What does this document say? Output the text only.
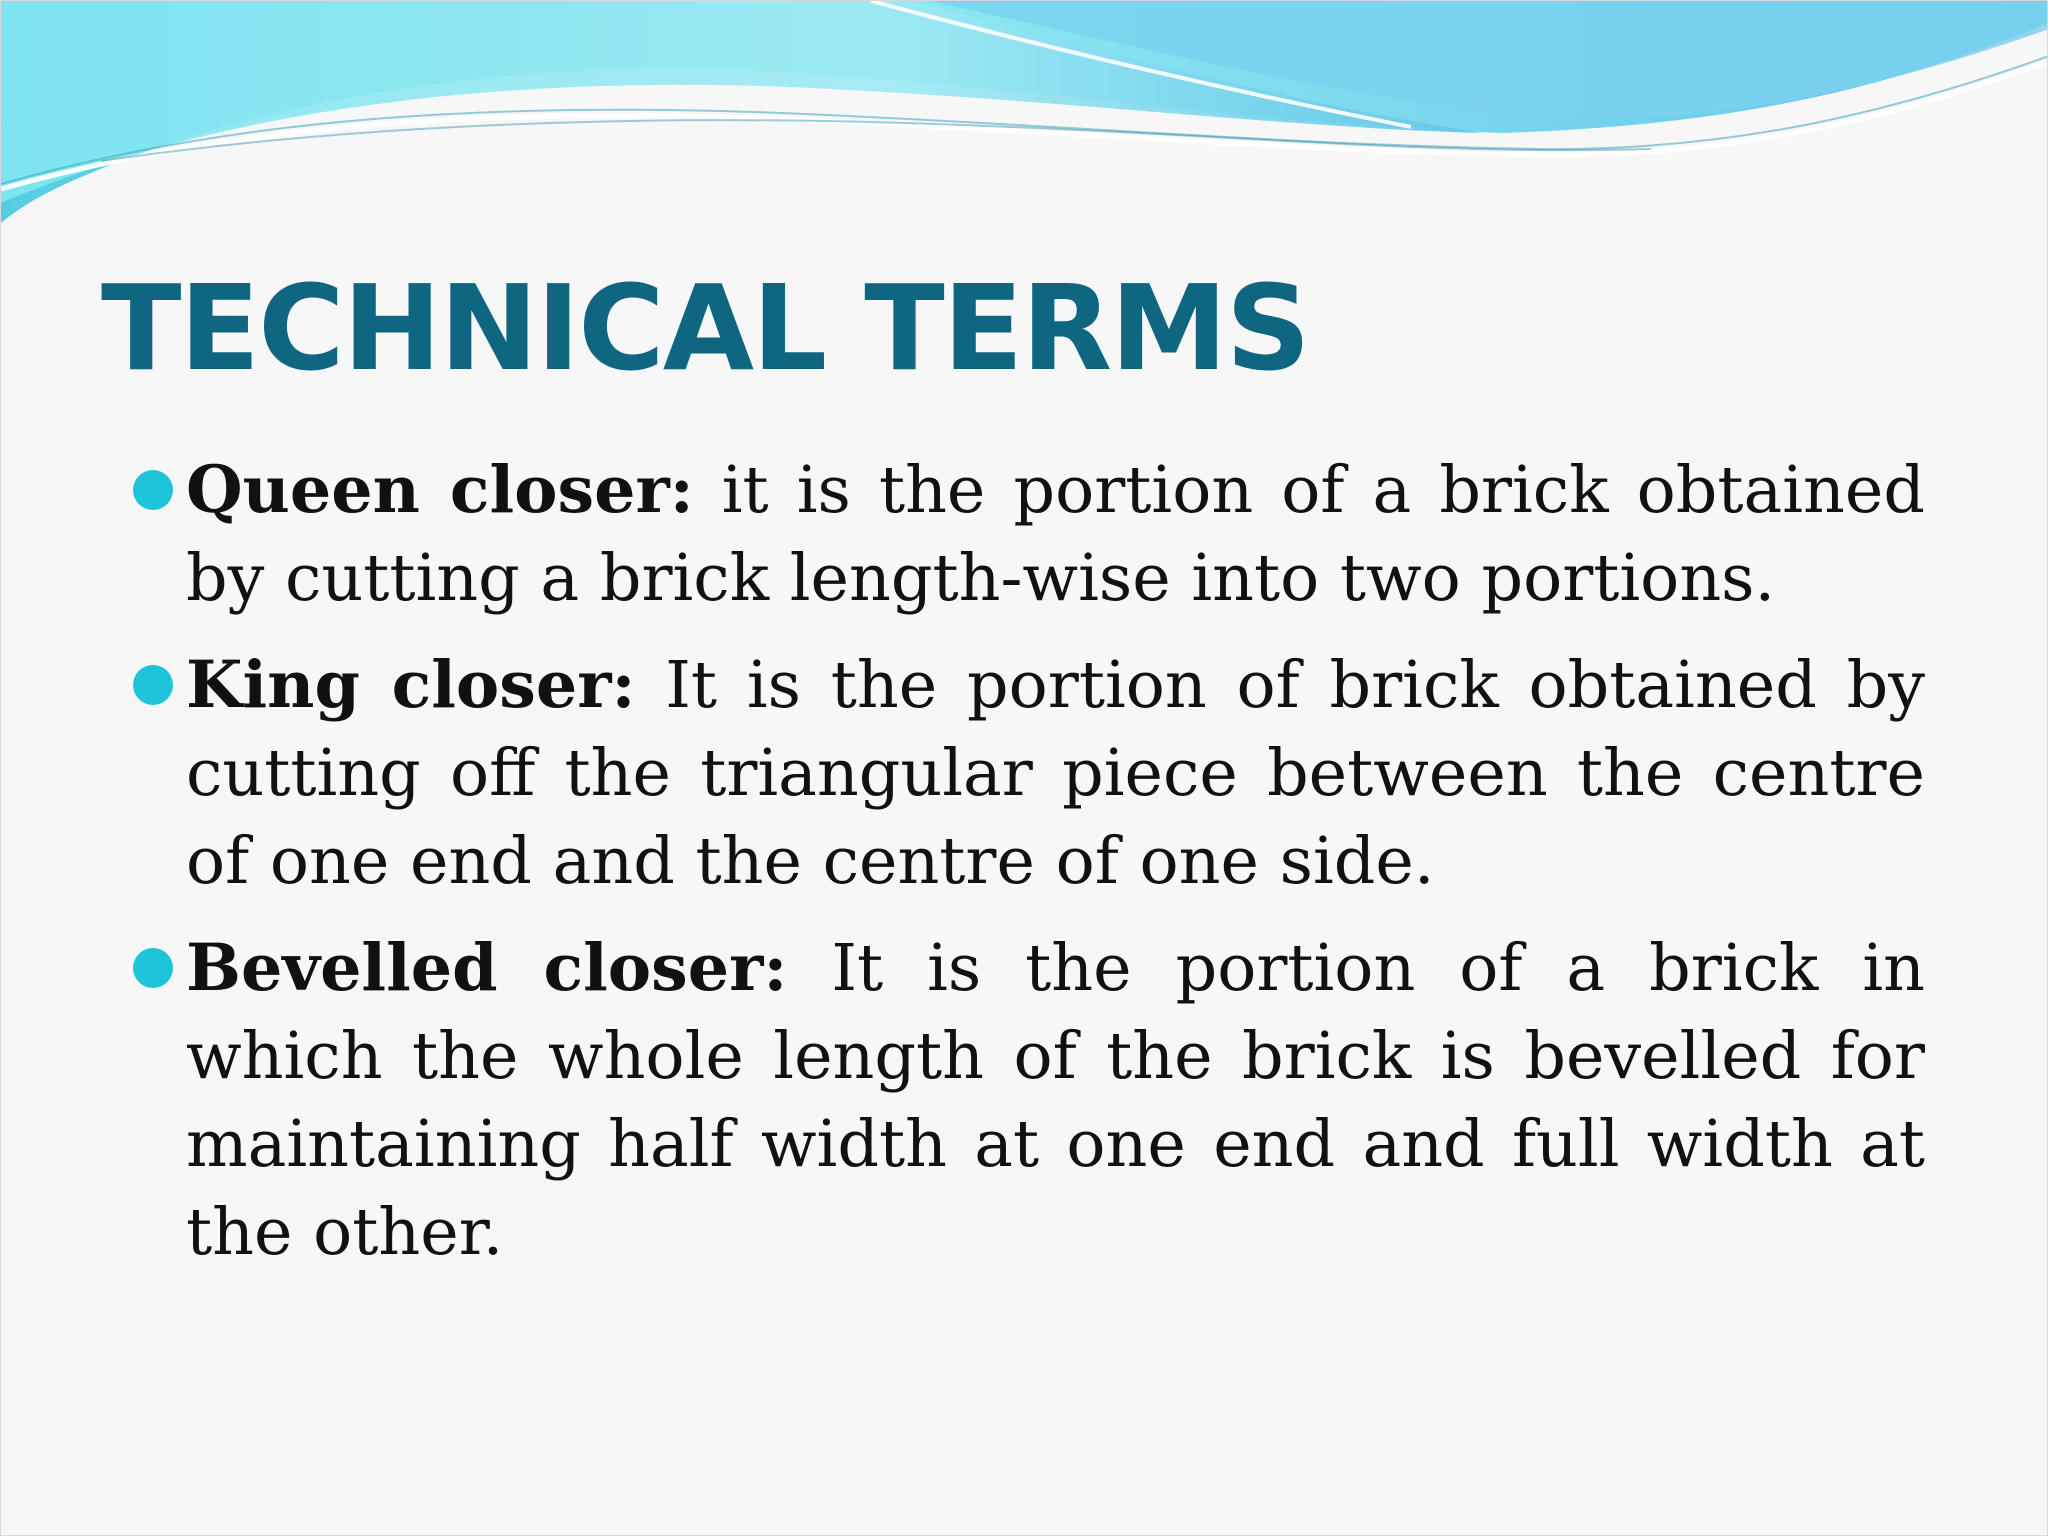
TECHNICAL TERMS
Queen closer: it is the portion of a brick obtained by cutting a brick length-wise into two portions.
King closer: It is the portion of brick obtained by cutting off the triangular piece between the centre of one end and the centre of one side.
Bevelled closer: It is the portion of a brick in which the whole length of the brick is bevelled for maintaining half width at one end and full width at the other.
